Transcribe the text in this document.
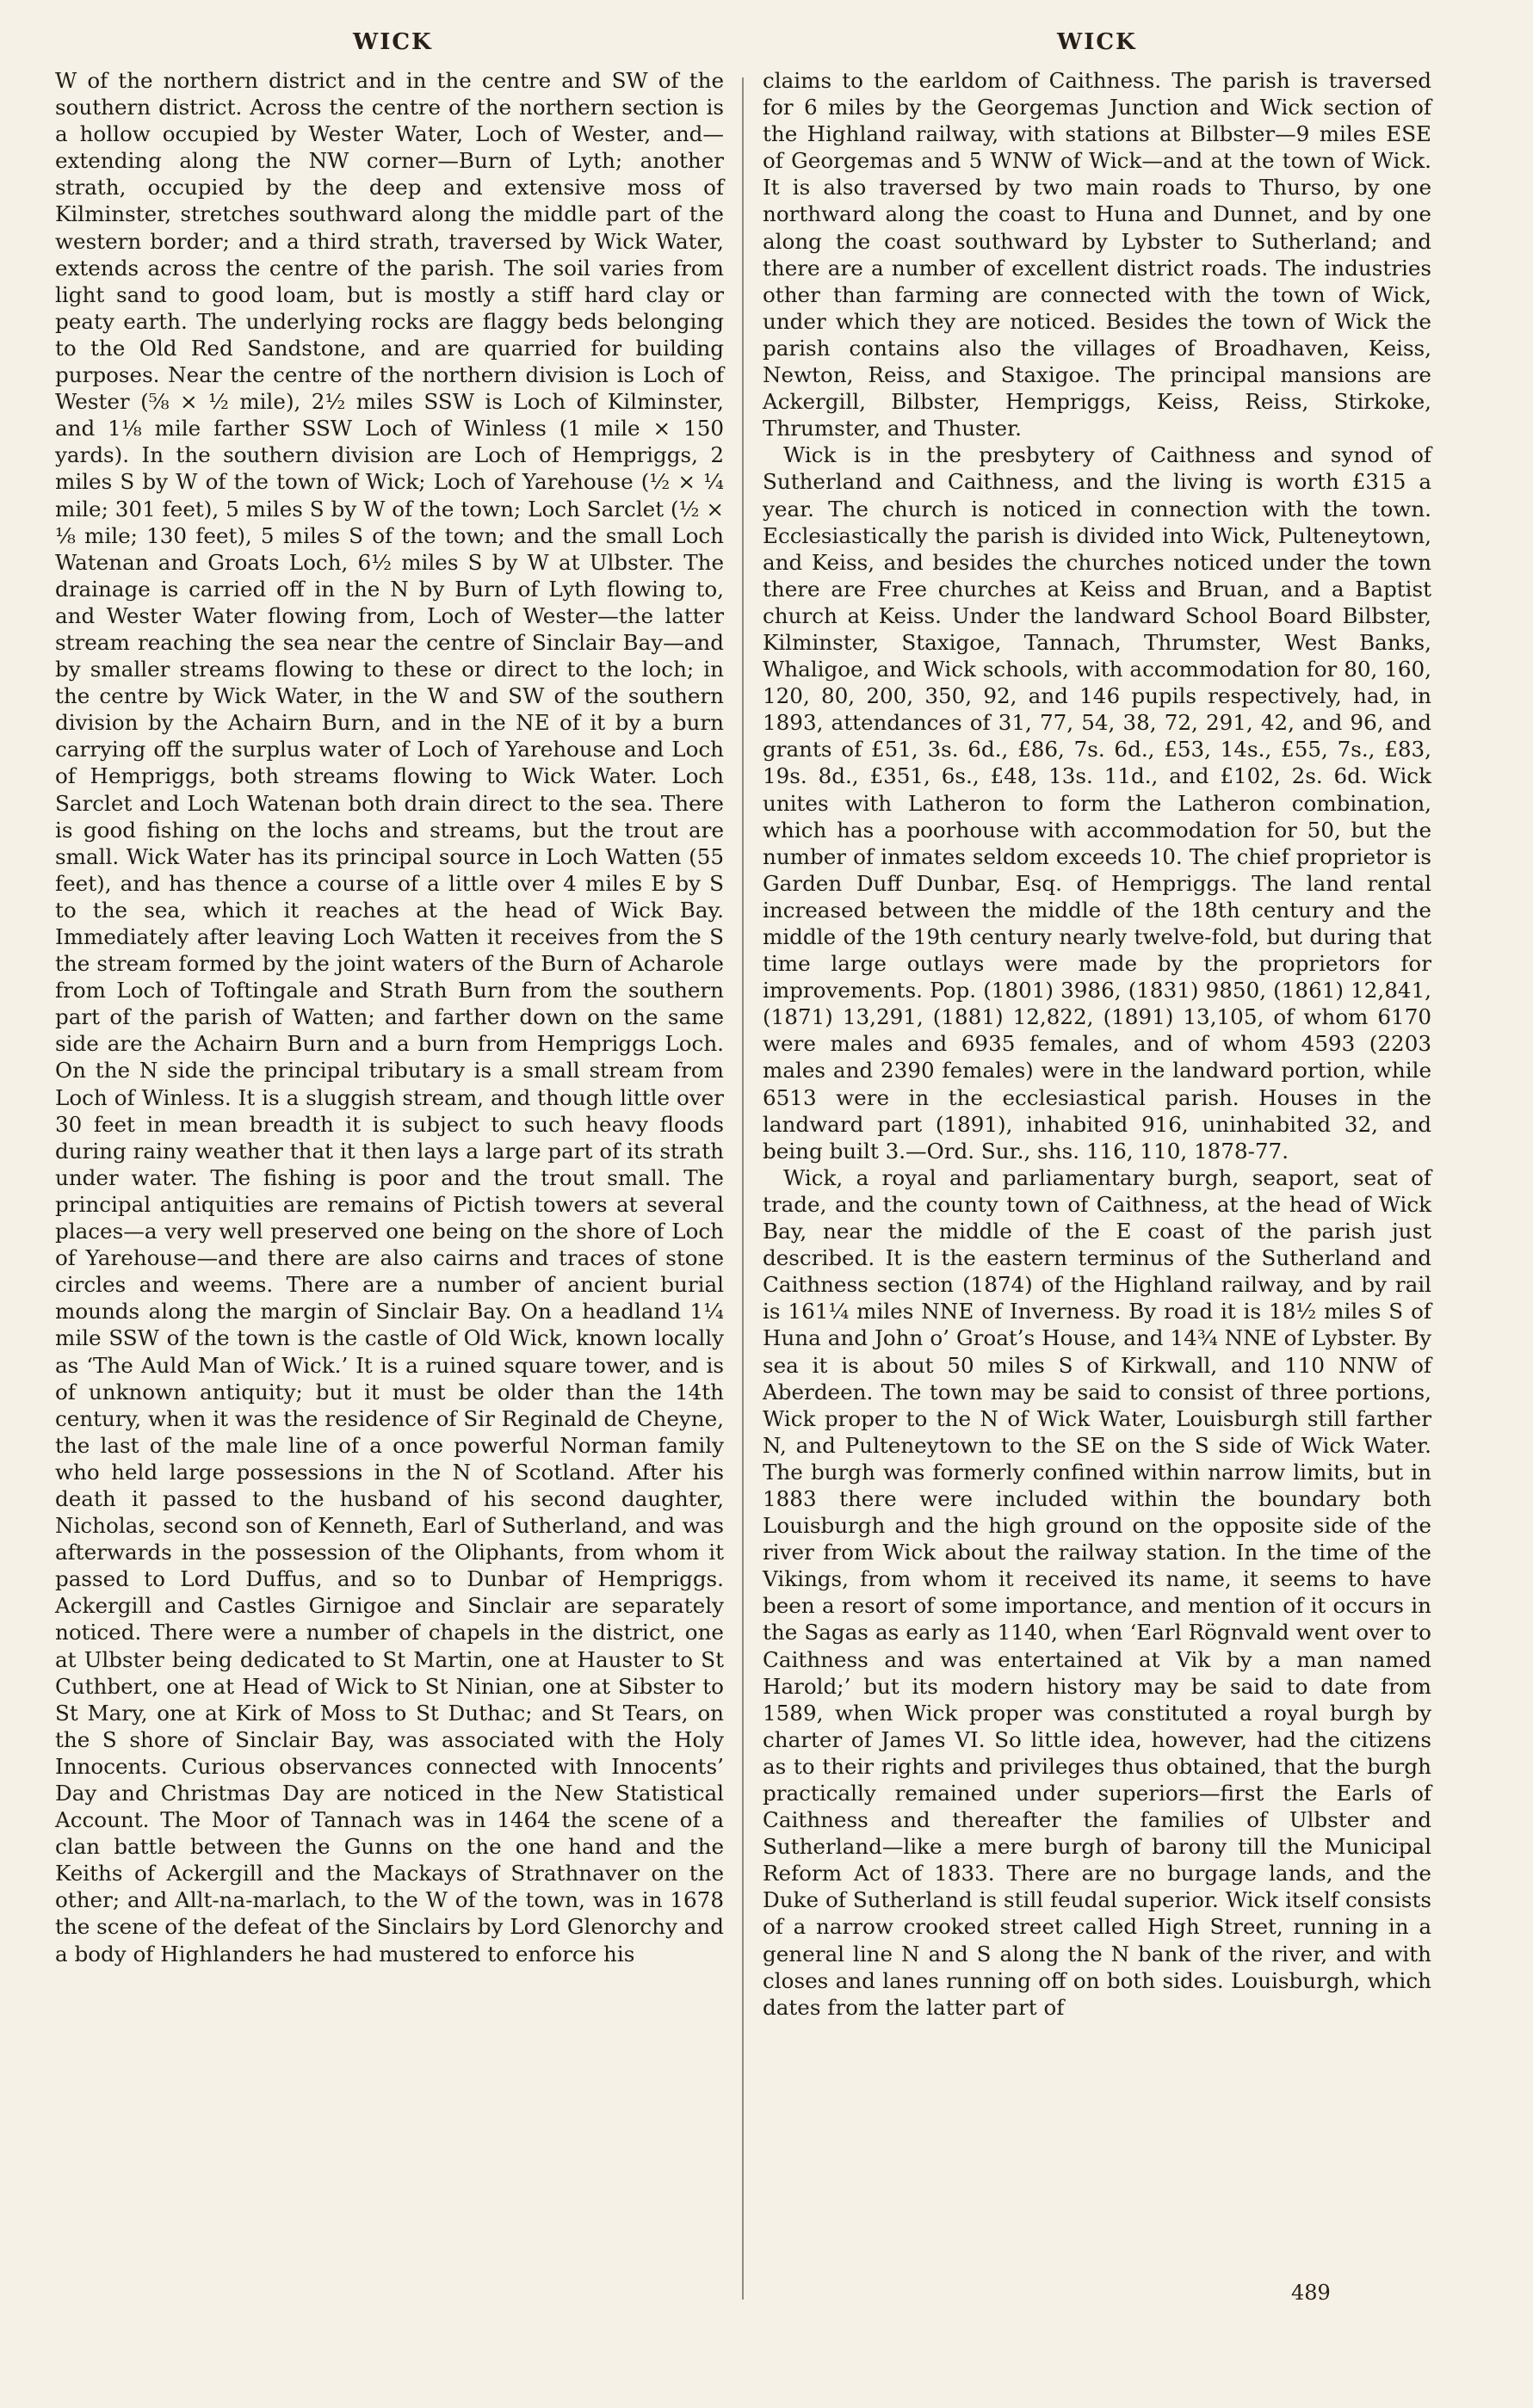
WICK	WICK

W of the northern district and in the centre and SW of the southern district. Across the centre of the northern section is a hollow occupied by Wester Water, Loch of Wester, and—extending along the NW corner—Burn of Lyth; another strath, occupied by the deep and extensive moss of Kilminster, stretches southward along the middle part of the western border; and a third strath, traversed by Wick Water, extends across the centre of the parish. The soil varies from light sand to good loam, but is mostly a stiff hard clay or peaty earth. The underlying rocks are flaggy beds belonging to the Old Red Sandstone, and are quarried for building purposes. Near the centre of the northern division is Loch of Wester (⅝ × ½ mile), 2½ miles SSW is Loch of Kilminster, and 1⅛ mile farther SSW Loch of Winless (1 mile × 150 yards). In the southern division are Loch of Hempriggs, 2 miles S by W of the town of Wick; Loch of Yarehouse (½ × ¼ mile; 301 feet), 5 miles S by W of the town; Loch Sarclet (½ × ⅛ mile; 130 feet), 5 miles S of the town; and the small Loch Watenan and Groats Loch, 6½ miles S by W at Ulbster. The drainage is carried off in the N by Burn of Lyth flowing to, and Wester Water flowing from, Loch of Wester—the latter stream reaching the sea near the centre of Sinclair Bay—and by smaller streams flowing to these or direct to the loch; in the centre by Wick Water, in the W and SW of the southern division by the Achairn Burn, and in the NE of it by a burn carrying off the surplus water of Loch of Yarehouse and Loch of Hempriggs, both streams flowing to Wick Water. Loch Sarclet and Loch Watenan both drain direct to the sea. There is good fishing on the lochs and streams, but the trout are small. Wick Water has its principal source in Loch Watten (55 feet), and has thence a course of a little over 4 miles E by S to the sea, which it reaches at the head of Wick Bay. Immediately after leaving Loch Watten it receives from the S the stream formed by the joint waters of the Burn of Acharole from Loch of Toftingale and Strath Burn from the southern part of the parish of Watten; and farther down on the same side are the Achairn Burn and a burn from Hempriggs Loch. On the N side the principal tributary is a small stream from Loch of Winless. It is a sluggish stream, and though little over 30 feet in mean breadth it is subject to such heavy floods during rainy weather that it then lays a large part of its strath under water. The fishing is poor and the trout small. The principal antiquities are remains of Pictish towers at several places—a very well preserved one being on the shore of Loch of Yarehouse—and there are also cairns and traces of stone circles and weems. There are a number of ancient burial mounds along the margin of Sinclair Bay. On a headland 1¼ mile SSW of the town is the castle of Old Wick, known locally as ‘The Auld Man of Wick.’ It is a ruined square tower, and is of unknown antiquity; but it must be older than the 14th century, when it was the residence of Sir Reginald de Cheyne, the last of the male line of a once powerful Norman family who held large possessions in the N of Scotland. After his death it passed to the husband of his second daughter, Nicholas, second son of Kenneth, Earl of Sutherland, and was afterwards in the possession of the Oliphants, from whom it passed to Lord Duffus, and so to Dunbar of Hempriggs. Ackergill and Castles Girnigoe and Sinclair are separately noticed. There were a number of chapels in the district, one at Ulbster being dedicated to St Martin, one at Hauster to St Cuthbert, one at Head of Wick to St Ninian, one at Sibster to St Mary, one at Kirk of Moss to St Duthac; and St Tears, on the S shore of Sinclair Bay, was associated with the Holy Innocents. Curious observances connected with Innocents’ Day and Christmas Day are noticed in the New Statistical Account. The Moor of Tannach was in 1464 the scene of a clan battle between the Gunns on the one hand and the Keiths of Ackergill and the Mackays of Strathnaver on the other; and Allt-na-marlach, to the W of the town, was in 1678 the scene of the defeat of the Sinclairs by Lord Glenorchy and a body of Highlanders he had mustered to enforce his

claims to the earldom of Caithness. The parish is traversed for 6 miles by the Georgemas Junction and Wick section of the Highland railway, with stations at Bilbster—9 miles ESE of Georgemas and 5 WNW of Wick—and at the town of Wick. It is also traversed by two main roads to Thurso, by one northward along the coast to Huna and Dunnet, and by one along the coast southward by Lybster to Sutherland; and there are a number of excellent district roads. The industries other than farming are connected with the town of Wick, under which they are noticed. Besides the town of Wick the parish contains also the villages of Broadhaven, Keiss, Newton, Reiss, and Staxigoe. The principal mansions are Ackergill, Bilbster, Hempriggs, Keiss, Reiss, Stirkoke, Thrumster, and Thuster.

Wick is in the presbytery of Caithness and synod of Sutherland and Caithness, and the living is worth £315 a year. The church is noticed in connection with the town. Ecclesiastically the parish is divided into Wick, Pulteneytown, and Keiss, and besides the churches noticed under the town there are Free churches at Keiss and Bruan, and a Baptist church at Keiss. Under the landward School Board Bilbster, Kilminster, Staxigoe, Tannach, Thrumster, West Banks, Whaligoe, and Wick schools, with accommodation for 80, 160, 120, 80, 200, 350, 92, and 146 pupils respectively, had, in 1893, attendances of 31, 77, 54, 38, 72, 291, 42, and 96, and grants of £51, 3s. 6d., £86, 7s. 6d., £53, 14s., £55, 7s., £83, 19s. 8d., £351, 6s., £48, 13s. 11d., and £102, 2s. 6d. Wick unites with Latheron to form the Latheron combination, which has a poorhouse with accommodation for 50, but the number of inmates seldom exceeds 10. The chief proprietor is Garden Duff Dunbar, Esq. of Hempriggs. The land rental increased between the middle of the 18th century and the middle of the 19th century nearly twelve-fold, but during that time large outlays were made by the proprietors for improvements. Pop. (1801) 3986, (1831) 9850, (1861) 12,841, (1871) 13,291, (1881) 12,822, (1891) 13,105, of whom 6170 were males and 6935 females, and of whom 4593 (2203 males and 2390 females) were in the landward portion, while 6513 were in the ecclesiastical parish. Houses in the landward part (1891), inhabited 916, uninhabited 32, and being built 3.—Ord. Sur., shs. 116, 110, 1878-77.

Wick, a royal and parliamentary burgh, seaport, seat of trade, and the county town of Caithness, at the head of Wick Bay, near the middle of the E coast of the parish just described. It is the eastern terminus of the Sutherland and Caithness section (1874) of the Highland railway, and by rail is 161¼ miles NNE of Inverness. By road it is 18½ miles S of Huna and John o’ Groat’s House, and 14¾ NNE of Lybster. By sea it is about 50 miles S of Kirkwall, and 110 NNW of Aberdeen. The town may be said to consist of three portions, Wick proper to the N of Wick Water, Louisburgh still farther N, and Pulteneytown to the SE on the S side of Wick Water. The burgh was formerly confined within narrow limits, but in 1883 there were included within the boundary both Louisburgh and the high ground on the opposite side of the river from Wick about the railway station. In the time of the Vikings, from whom it received its name, it seems to have been a resort of some importance, and mention of it occurs in the Sagas as early as 1140, when ‘Earl Rögnvald went over to Caithness and was entertained at Vik by a man named Harold;’ but its modern history may be said to date from 1589, when Wick proper was constituted a royal burgh by charter of James VI. So little idea, however, had the citizens as to their rights and privileges thus obtained, that the burgh practically remained under superiors—first the Earls of Caithness and thereafter the families of Ulbster and Sutherland—like a mere burgh of barony till the Municipal Reform Act of 1833. There are no burgage lands, and the Duke of Sutherland is still feudal superior. Wick itself consists of a narrow crooked street called High Street, running in a general line N and S along the N bank of the river, and with closes and lanes running off on both sides. Louisburgh, which dates from the latter part of

489
